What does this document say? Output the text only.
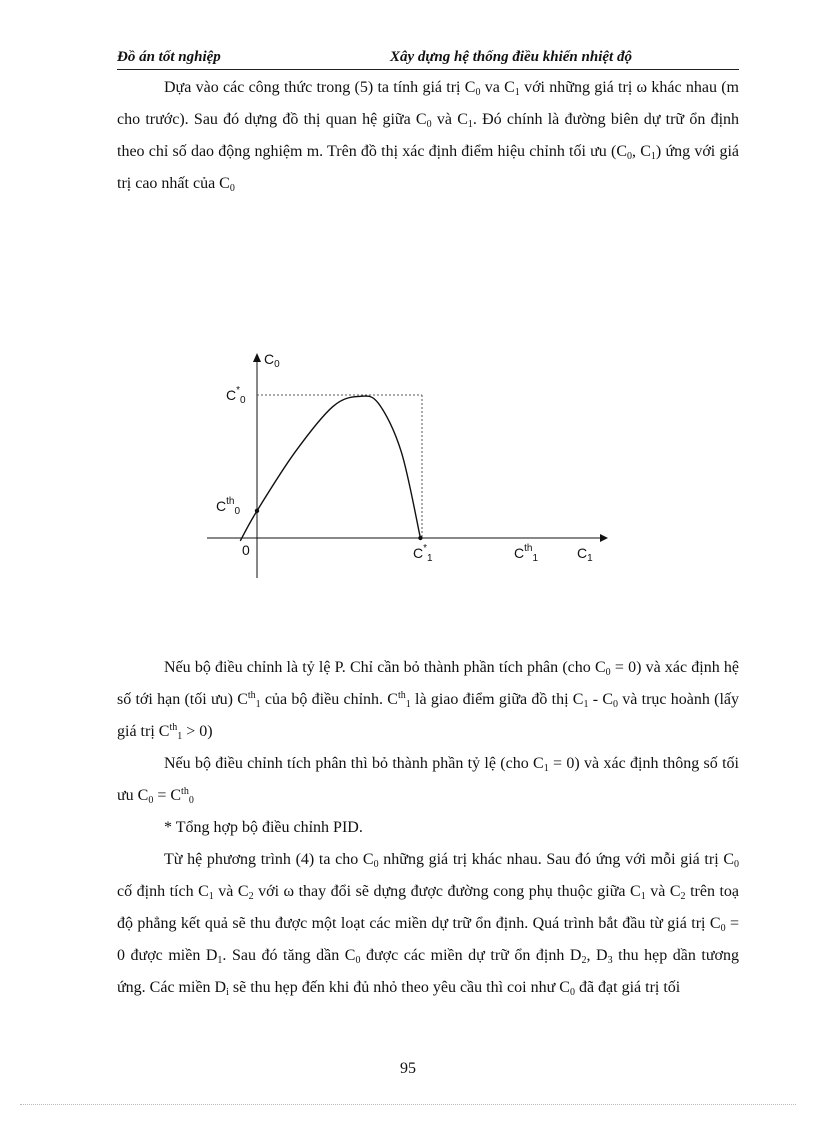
Đồ án tốt nghiệp	Xây dựng hệ thống điều khiển nhiệt độ

Dựa vào các công thức trong (5) ta tính giá trị $C_0$ va $C_1$ với những giá trị ω khác nhau (m cho trước). Sau đó dựng đồ thị quan hệ giữa $C_0$ và $C_1$. Đó chính là đường biên dự trữ ổn định theo chỉ số dao động nghiệm m. Trên đồ thị xác định điểm hiệu chỉnh tối ưu ($C_0$, $C_1$) ứng với giá trị cao nhất của $C_0$

$C_0$
$C^*_0$
$Cth_0$
0	$C^*_1$	$Cth_1$	$C_1$

Nếu bộ điều chỉnh là tỷ lệ P. Chỉ cần bỏ thành phần tích phân (cho $C_0 = 0$) và xác định hệ số tới hạn (tối ưu) $Cth_1$ của bộ điều chỉnh. $Cth_1$ là giao điểm giữa đồ thị $C_1 - C_0$ và trục hoành (lấy giá trị $Cth_1 > 0$)

Nếu bộ điều chỉnh tích phân thì bỏ thành phần tỷ lệ (cho $C_1 = 0$) và xác định thông số tối ưu $C_0 = Cth_0$

* Tổng hợp bộ điều chỉnh PID.

Từ hệ phương trình (4) ta cho $C_0$ những giá trị khác nhau. Sau đó ứng với mỗi giá trị $C_0$ cố định tích $C_1$ và $C_2$ với ω thay đổi sẽ dựng được đường cong phụ thuộc giữa $C_1$ và $C_2$ trên toạ độ phẳng kết quả sẽ thu được một loạt các miền dự trữ ổn định. Quá trình bắt đầu từ giá trị $C_0 = 0$ được miền $D_1$. Sau đó tăng dần $C_0$ được các miền dự trữ ổn định $D_2$, $D_3$ thu hẹp dần tương ứng. Các miền $D_i$ sẽ thu hẹp đến khi đủ nhỏ theo yêu cầu thì coi như $C_0$ đã đạt giá trị tối

95
